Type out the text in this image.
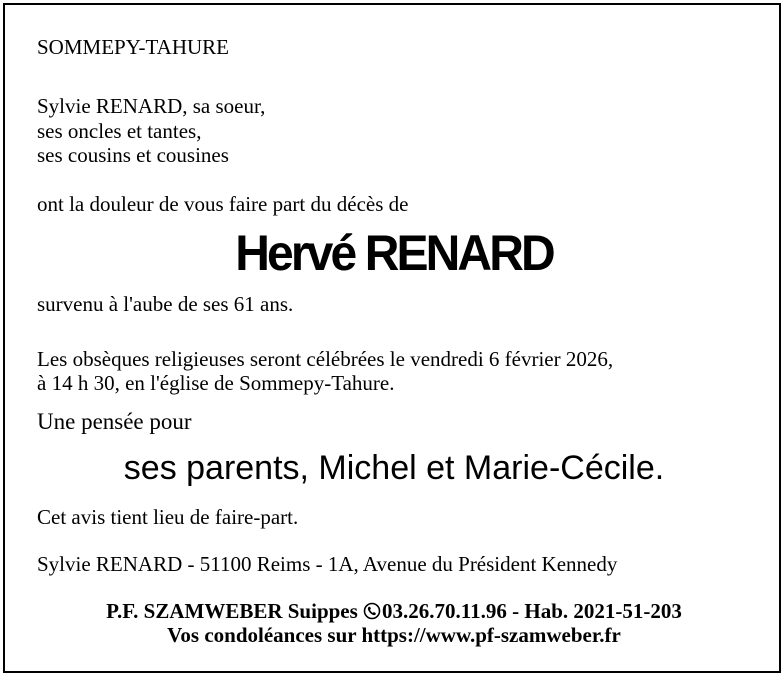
SOMMEPY-TAHURE
Sylvie RENARD, sa soeur,
ses oncles et tantes,
ses cousins et cousines
ont la douleur de vous faire part du décès de
Hervé RENARD
survenu à l'aube de ses 61 ans.
Les obsèques religieuses seront célébrées le vendredi 6 février 2026,
à 14 h 30, en l'église de Sommepy-Tahure.
Une pensée pour
ses parents, Michel et Marie-Cécile.
Cet avis tient lieu de faire-part.
Sylvie RENARD - 51100 Reims - 1A, Avenue du Président Kennedy
P.F. SZAMWEBER Suippes 03.26.70.11.96 - Hab. 2021-51-203
Vos condoléances sur https://www.pf-szamweber.fr
